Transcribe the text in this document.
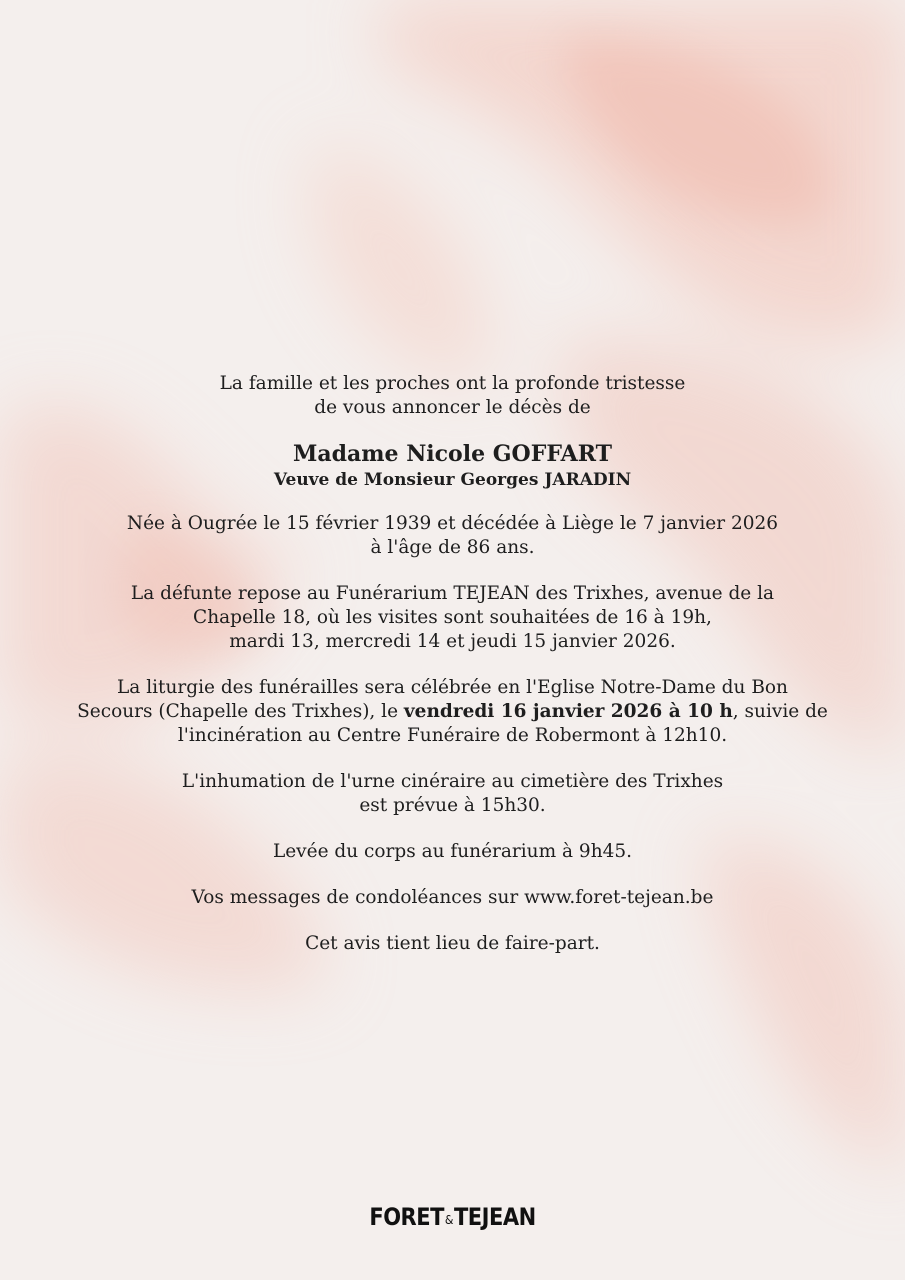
La famille et les proches ont la profonde tristesse
de vous annoncer le décès de

Madame Nicole GOFFART

Veuve de Monsieur Georges JARADIN

Née à Ougrée le 15 février 1939 et décédée à Liège le 7 janvier 2026
à l'âge de 86 ans.

La défunte repose au Funérarium TEJEAN des Trixhes, avenue de la
Chapelle 18, où les visites sont souhaitées de 16 à 19h,
mardi 13, mercredi 14 et jeudi 15 janvier 2026.

La liturgie des funérailles sera célébrée en l'Eglise Notre-Dame du Bon
Secours (Chapelle des Trixhes), le vendredi 16 janvier 2026 à 10 h, suivie de
l'incinération au Centre Funéraire de Robermont à 12h10.

L'inhumation de l'urne cinéraire au cimetière des Trixhes
est prévue à 15h30.

Levée du corps au funérarium à 9h45.

Vos messages de condoléances sur www.foret-tejean.be

Cet avis tient lieu de faire-part.

FORET&TEJEAN
